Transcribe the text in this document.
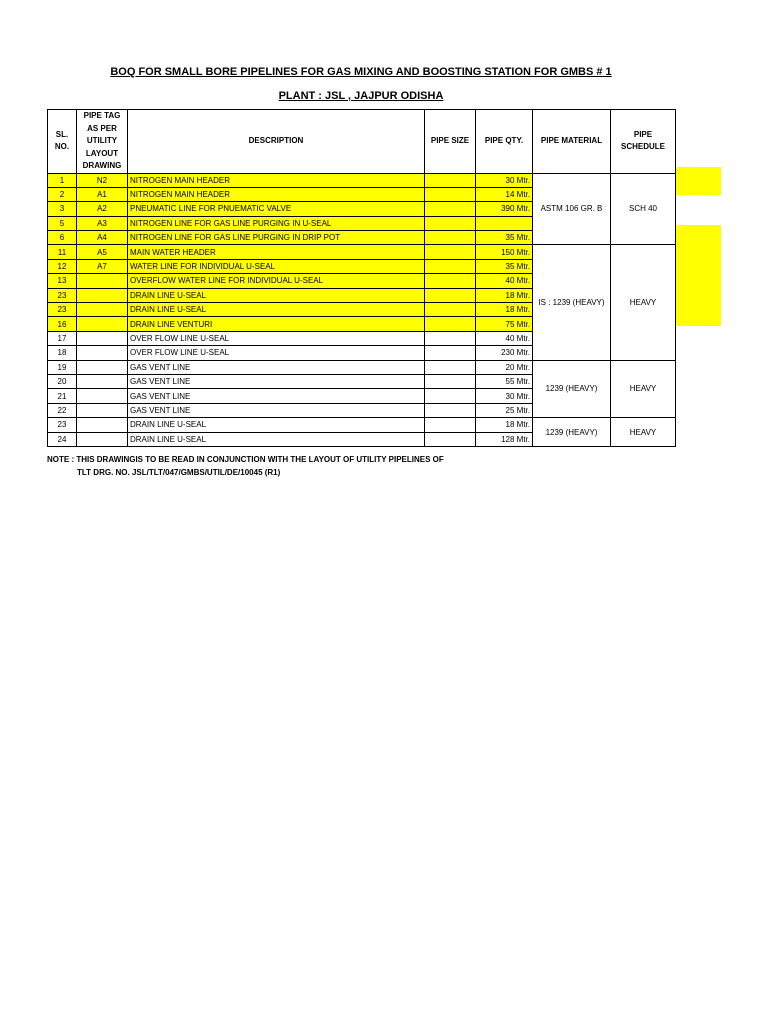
BOQ FOR SMALL BORE PIPELINES FOR GAS MIXING AND BOOSTING STATION FOR GMBS # 1
PLANT : JSL , JAJPUR ODISHA
SL. NO.	PIPE TAG AS PER UTILITY LAYOUT DRAWING	DESCRIPTION	PIPE SIZE	PIPE QTY.	PIPE MATERIAL	PIPE SCHEDULE
1	N2	NITROGEN MAIN HEADER		30 Mtr.	ASTM 106 GR. B	SCH 40
2	A1	NITROGEN MAIN HEADER		14 Mtr.		
3	A2	PNEUMATIC LINE FOR PNUEMATIC VALVE		390 Mtr.		
5	A3	NITROGEN LINE FOR GAS LINE PURGING IN U-SEAL				
6	A4	NITROGEN LINE FOR GAS LINE PURGING IN DRIP POT		35 Mtr.		
11	A5	MAIN WATER HEADER		150 Mtr.	IS : 1239 (HEAVY)	HEAVY
12	A7	WATER LINE FOR INDIVIDUAL U-SEAL		35 Mtr.		
13		OVERFLOW WATER LINE FOR INDIVIDUAL U-SEAL		40 Mtr.		
23		DRAIN LINE U-SEAL		18 Mtr.		
23		DRAIN LINE U-SEAL		18 Mtr.		
16		DRAIN LINE VENTURI		75 Mtr.		
17		OVER FLOW LINE U-SEAL		40 Mtr.		
18		OVER FLOW LINE U-SEAL		230 Mtr.		
19		GAS VENT LINE		20 Mtr.	1239 (HEAVY)	HEAVY
20		GAS VENT LINE		55 Mtr.		
21		GAS VENT LINE		30 Mtr.		
22		GAS VENT LINE		25 Mtr.		
23		DRAIN LINE U-SEAL		18 Mtr.	1239 (HEAVY)	HEAVY
24		DRAIN LINE U-SEAL		128 Mtr.		
NOTE : THIS DRAWINGIS TO BE READ IN CONJUNCTION WITH THE LAYOUT OF UTILITY PIPELINES OF
TLT DRG. NO. JSL/TLT/047/GMBS/UTIL/DE/10045 (R1)
